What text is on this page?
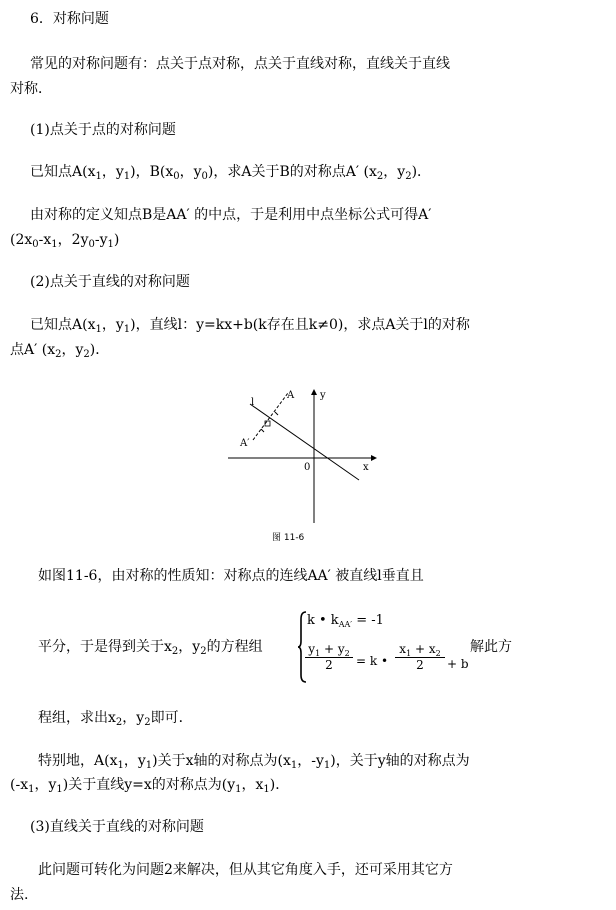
6．对称问题
常见的对称问题有：点关于点对称，点关于直线对称，直线关于直线
对称．
(1)点关于点的对称问题
已知点$A(x_1$，$y_1$)，$B(x_0$，$y_0$)，求A关于B的对称点A′ ($x_2$，$y_2$)．
由对称的定义知点B是AA′ 的中点，于是利用中点坐标公式可得A′
($2x_0-x_1$，$2y_0-y_1$)
(2)点关于直线的对称问题
已知点$A(x_1$，$y_1$)，直线l：y=kx+b(k存在且k≠0)，求点A关于l的对称
点A′ ($x_2$，$y_2$)．
l
A
A′
y
x
0
图 11-6
如图11-6，由对称的性质知：对称点的连线AA′ 被直线l垂直且
平分，于是得到关于$x_2$，$y_2$的方程组
k • $k_{AA'} = -1$
$\frac{y_1 + y_2}{2} = k$ • $\frac{x_1 + x_2}{2} + b$
解此方
程组，求出$x_2$，$y_2$即可．
特别地，$A(x_1$，$y_1$)关于x轴的对称点为($x_1$，$-y_1$)，关于y轴的对称点为
($-x_1$，$y_1$)关于直线y=x的对称点为($y_1$，$x_1$)．
(3)直线关于直线的对称问题
此问题可转化为问题2来解决，但从其它角度入手，还可采用其它方
法.
